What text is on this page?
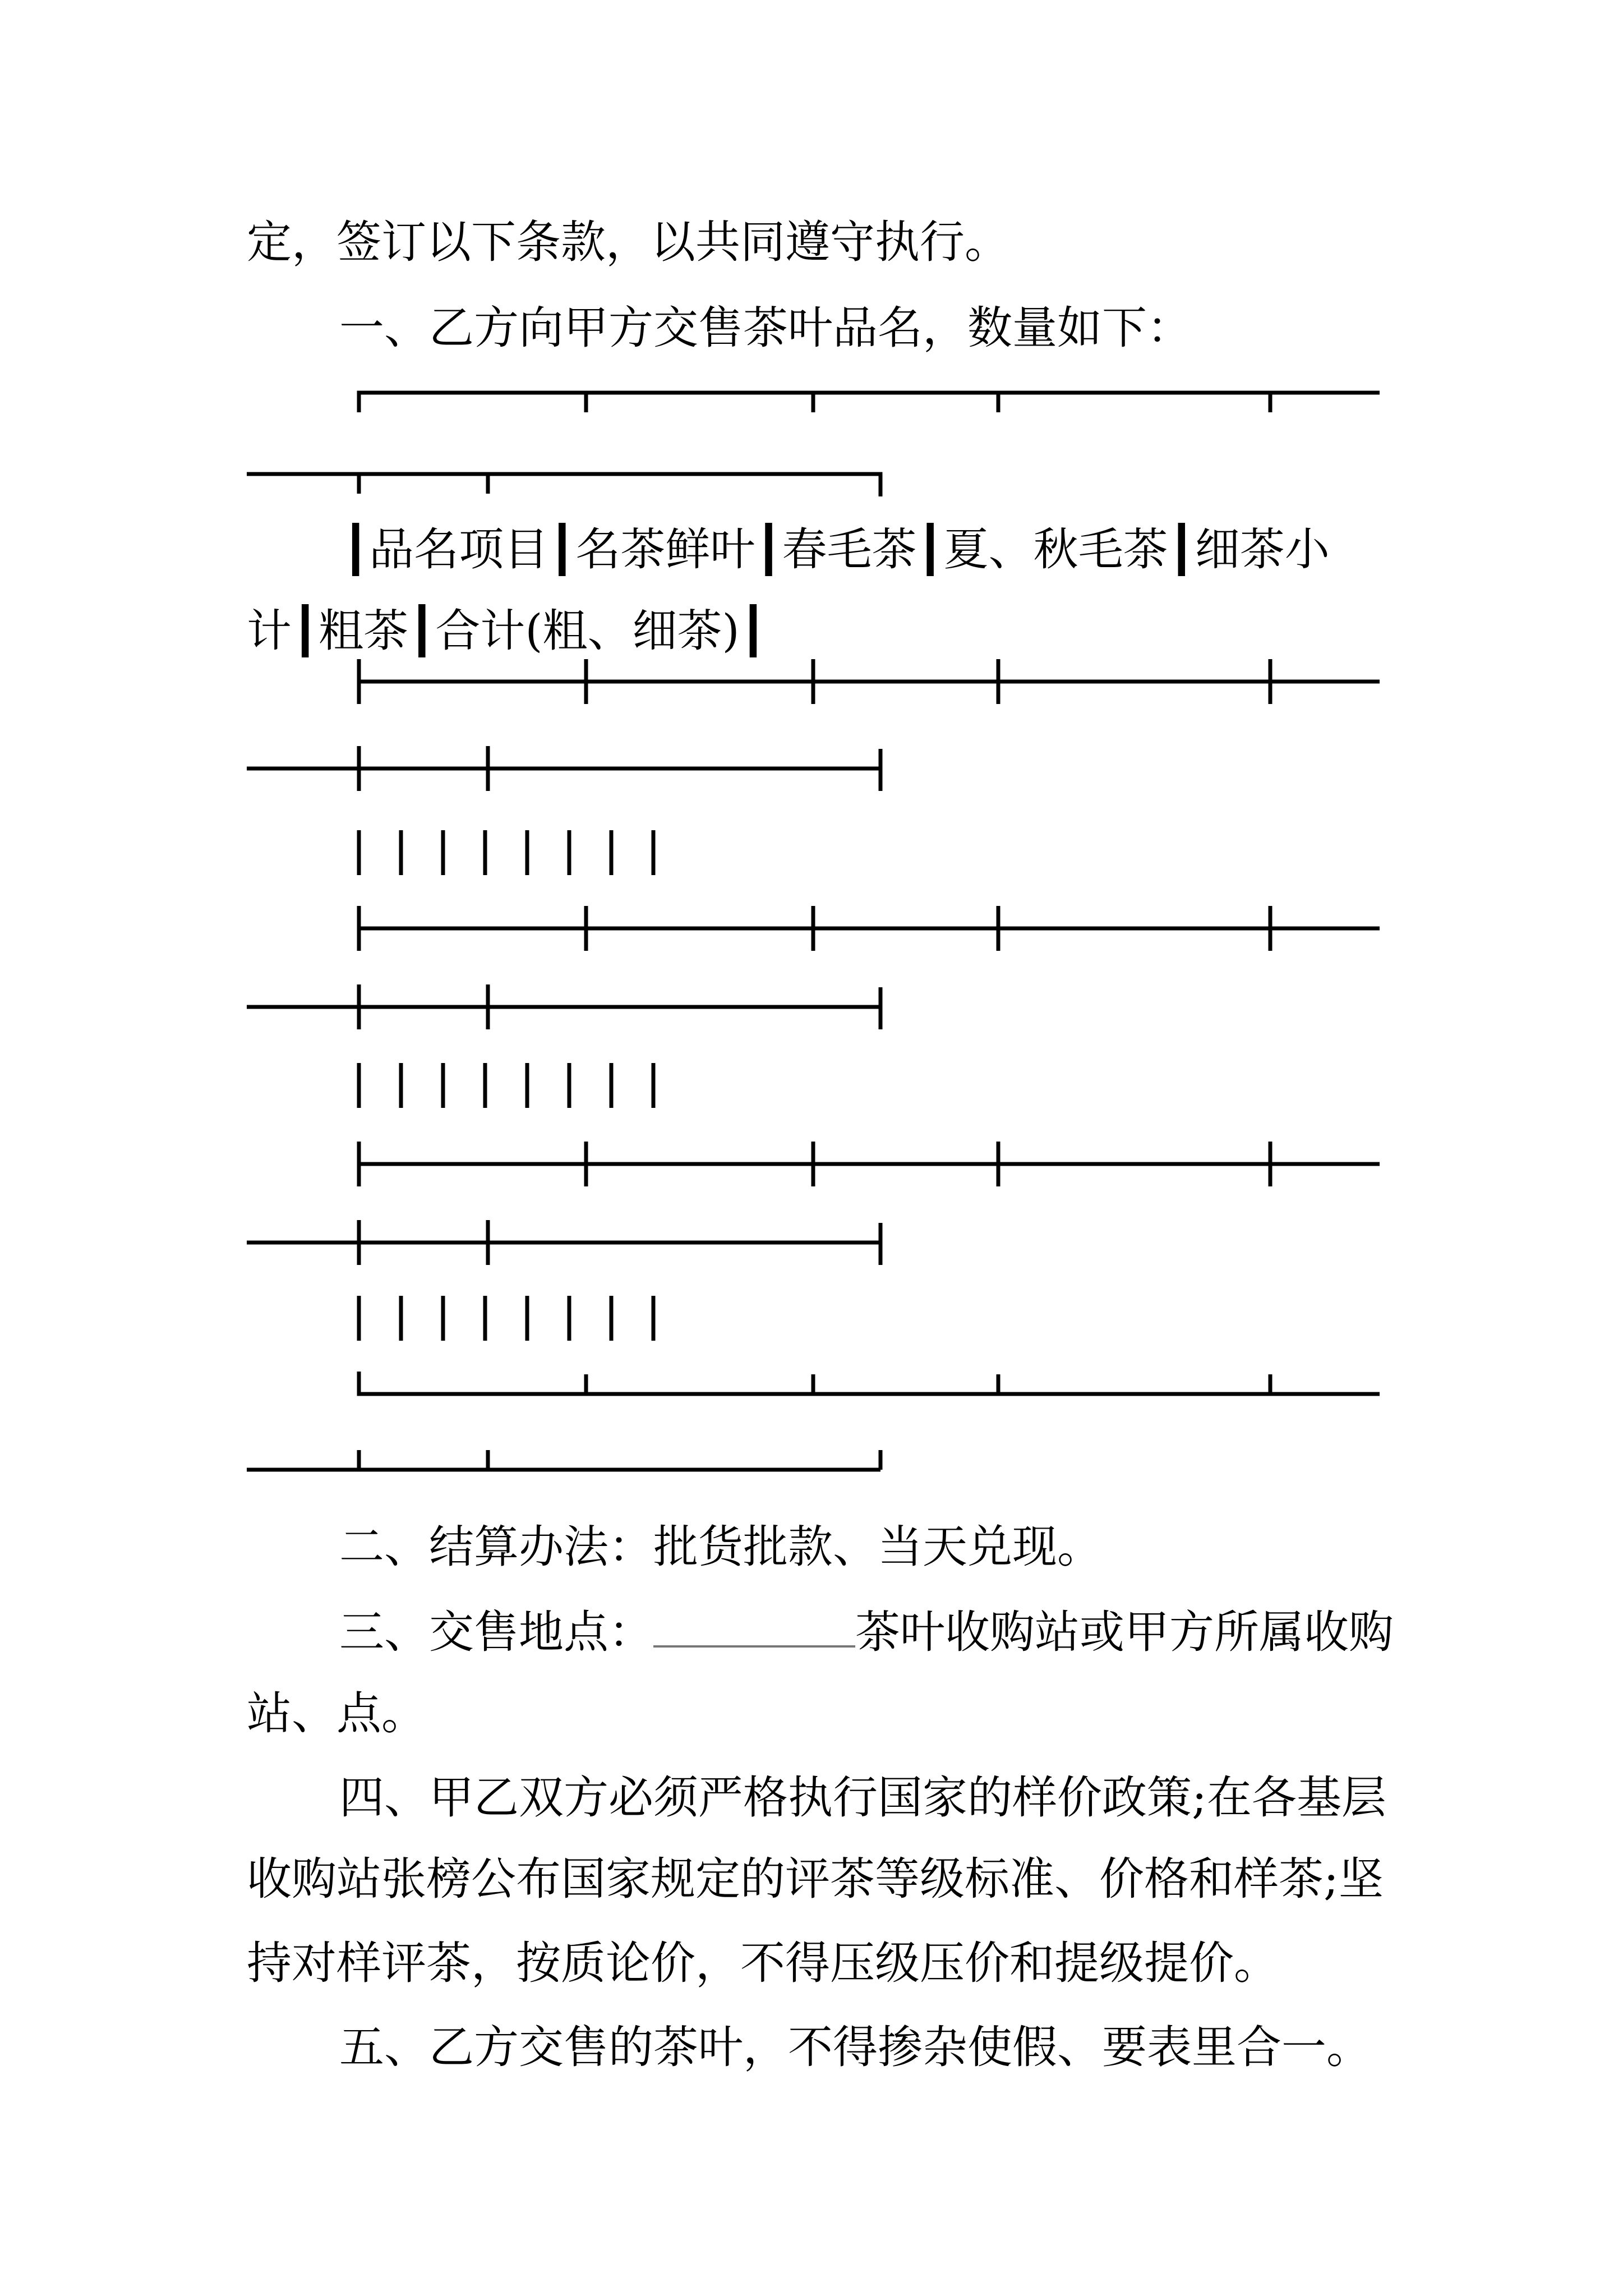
定，签订以下条款，以共同遵守执行。
一、乙方向甲方交售茶叶品名，数量如下：
┃品名项目┃名茶鲜叶┃春毛茶┃夏、秋毛茶┃细茶小
计┃粗茶┃合计(粗、细茶)┃
二、结算办法：批货批款、当天兑现。
三、交售地点：	茶叶收购站或甲方所属收购
站、点。
四、甲乙双方必须严格执行国家的样价政策;在各基层
收购站张榜公布国家规定的评茶等级标准、价格和样茶;坚
持对样评茶，按质论价，不得压级压价和提级提价。
五、乙方交售的茶叶，不得掺杂使假、要表里合一。
